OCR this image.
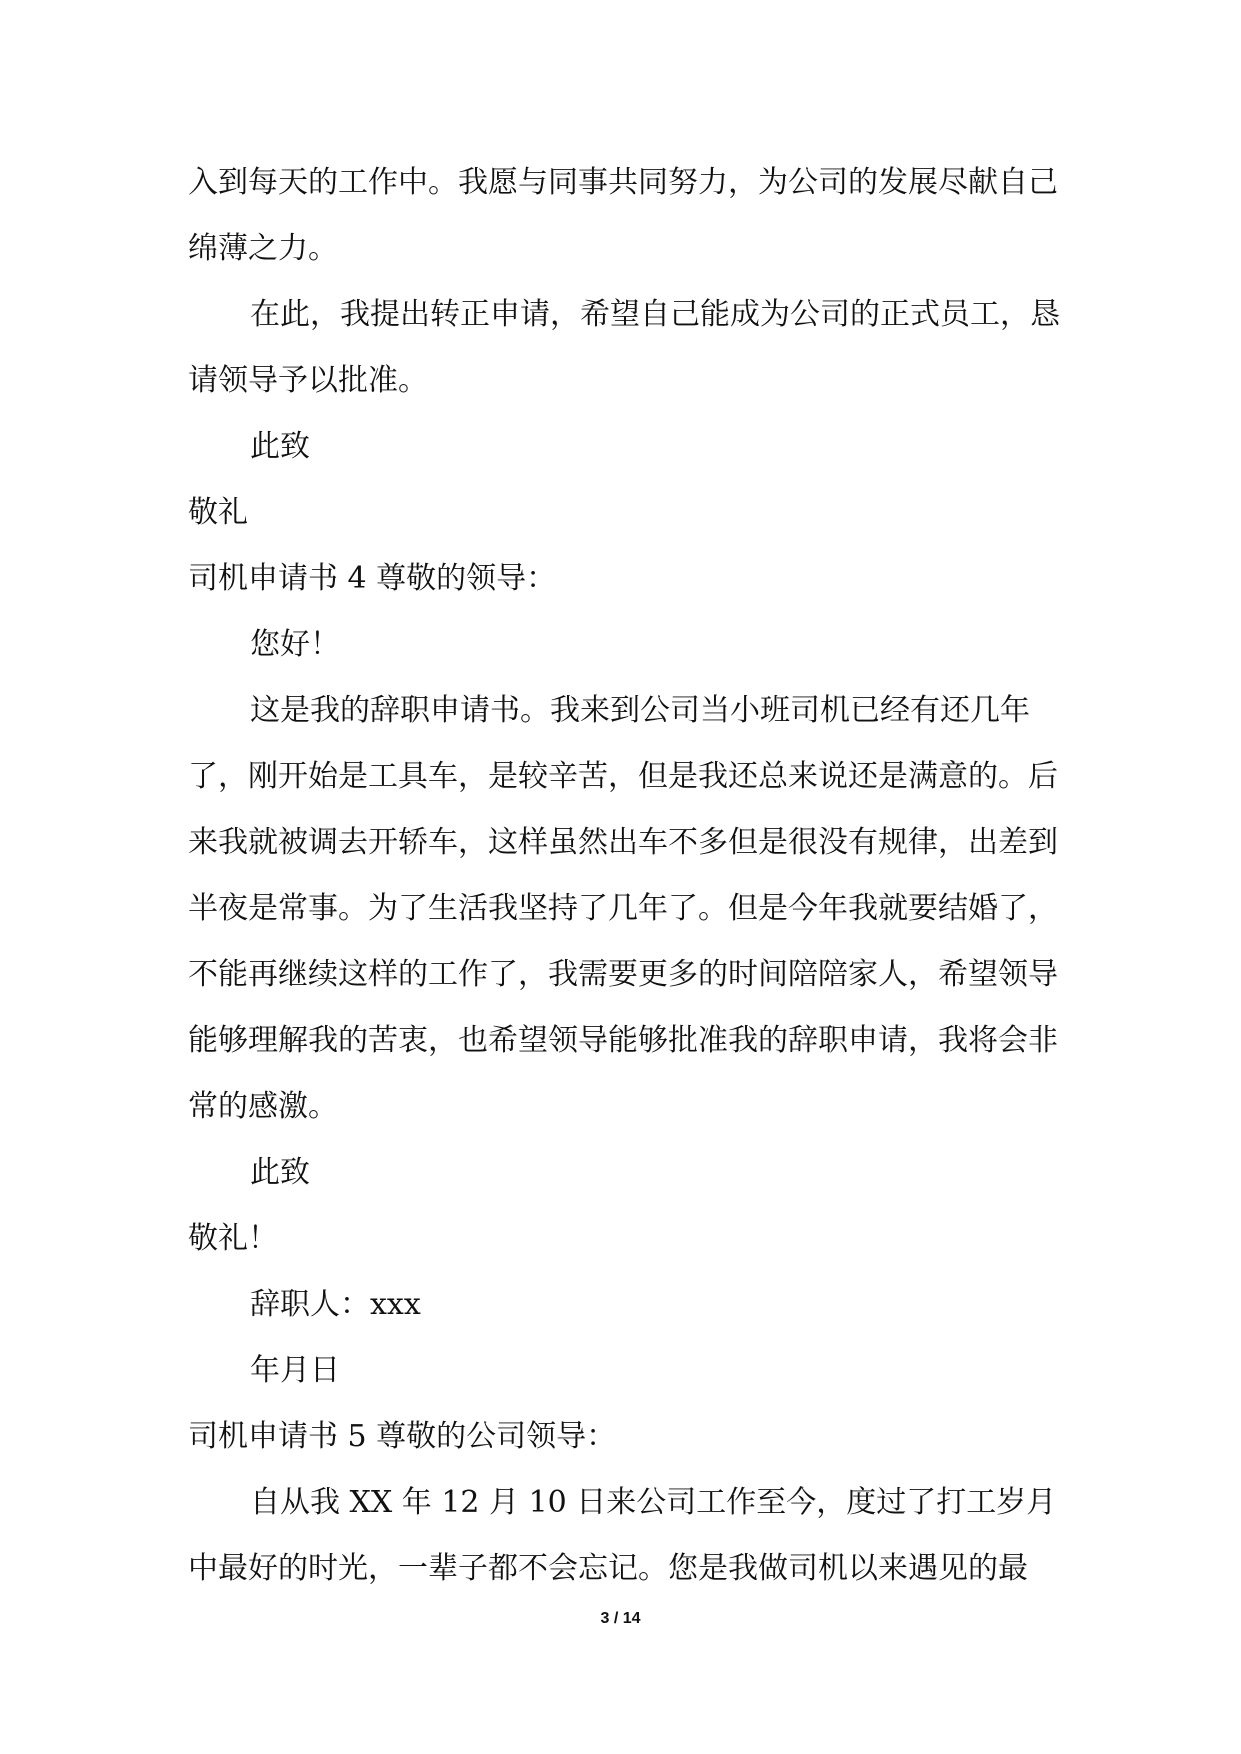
入到每天的工作中。我愿与同事共同努力，为公司的发展尽献自己绵薄之力。

在此，我提出转正申请，希望自己能成为公司的正式员工，恳请领导予以批准。

此致

敬礼

司机申请书 4 尊敬的领导：

您好！

这是我的辞职申请书。我来到公司当小班司机已经有还几年了，刚开始是工具车，是较辛苦，但是我还总来说还是满意的。后来我就被调去开轿车，这样虽然出车不多但是很没有规律，出差到半夜是常事。为了生活我坚持了几年了。但是今年我就要结婚了，不能再继续这样的工作了，我需要更多的时间陪陪家人，希望领导能够理解我的苦衷，也希望领导能够批准我的辞职申请，我将会非常的感激。

此致

敬礼！

辞职人：xxx

年月日

司机申请书 5 尊敬的公司领导：

自从我 XX 年 12 月 10 日来公司工作至今，度过了打工岁月中最好的时光，一辈子都不会忘记。您是我做司机以来遇见的最

3 / 14
